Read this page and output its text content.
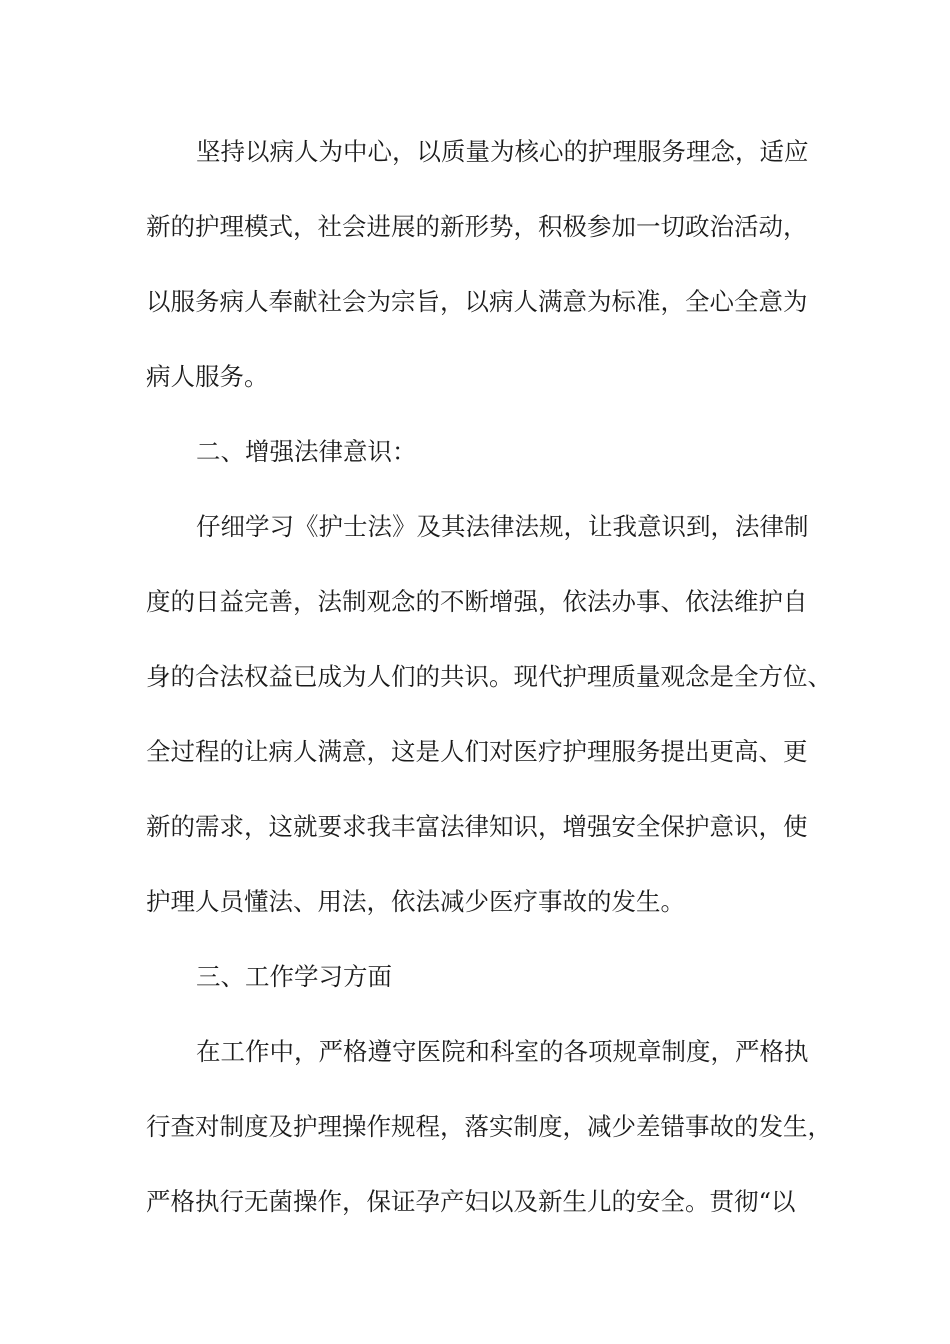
坚持以病人为中心，以质量为核心的护理服务理念，适应

新的护理模式，社会进展的新形势，积极参加一切政治活动，

以服务病人奉献社会为宗旨，以病人满意为标准，全心全意为

病人服务。

二、增强法律意识：

仔细学习《护士法》及其法律法规，让我意识到，法律制

度的日益完善，法制观念的不断增强，依法办事、依法维护自

身的合法权益已成为人们的共识。现代护理质量观念是全方位、

全过程的让病人满意，这是人们对医疗护理服务提出更高、更

新的需求，这就要求我丰富法律知识，增强安全保护意识，使

护理人员懂法、用法，依法减少医疗事故的发生。

三、工作学习方面

在工作中，严格遵守医院和科室的各项规章制度，严格执

行查对制度及护理操作规程，落实制度，减少差错事故的发生，

严格执行无菌操作，保证孕产妇以及新生儿的安全。贯彻“以
